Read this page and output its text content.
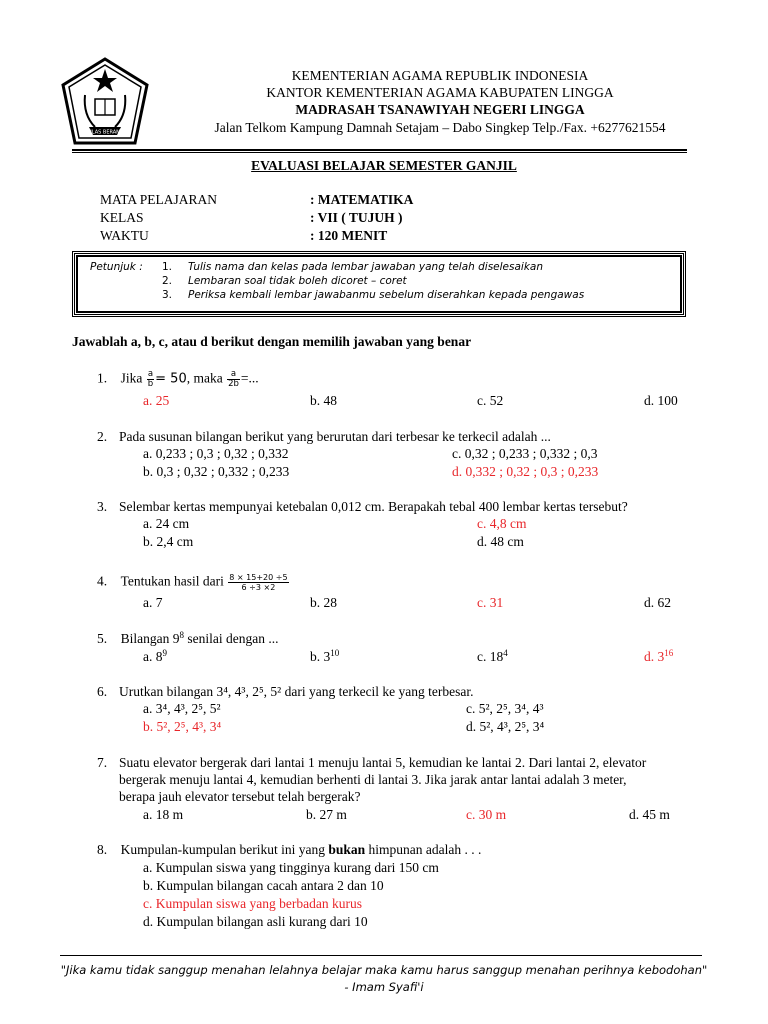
IKHLAS BERAMAL
KEMENTERIAN AGAMA REPUBLIK INDONESIA
KANTOR KEMENTERIAN AGAMA KABUPATEN LINGGA
MADRASAH TSANAWIYAH NEGERI LINGGA
Jalan Telkom Kampung Damnah Setajam – Dabo Singkep Telp./Fax. +6277621554
EVALUASI BELAJAR SEMESTER GANJIL
MATA PELAJARAN	: MATEMATIKA
KELAS	: VII ( TUJUH )
WAKTU	: 120 MENIT
Petunjuk : 1. Tulis nama dan kelas pada lembar jawaban yang telah diselesaikan
2. Lembaran soal tidak boleh dicoret – coret
3. Periksa kembali lembar jawabanmu sebelum diserahkan kepada pengawas
Jawablah a, b, c, atau d berikut dengan memilih jawaban yang benar
1. Jika $\frac{a}{b} = 50$, maka $\frac{a}{2b}$ =...
a. 25	b. 48	c. 52	d. 100
2. Pada susunan bilangan berikut yang berurutan dari terbesar ke terkecil adalah ...
a. 0,233 ; 0,3 ; 0,32 ; 0,332	c. 0,32 ; 0,233 ; 0,332 ; 0,3
b. 0,3 ; 0,32 ; 0,332 ; 0,233	d. 0,332 ; 0,32 ; 0,3 ; 0,233
3. Selembar kertas mempunyai ketebalan 0,012 cm. Berapakah tebal 400 lembar kertas tersebut?
a. 24 cm	c. 4,8 cm
b. 2,4 cm	d. 48 cm
4. Tentukan hasil dari $\frac{8 \times 15+20 \div 5}{6 \div 3 \times 2}$
a. 7	b. 28	c. 31	d. 62
5. Bilangan $9^8$ senilai dengan ...
a. $8^9$	b. $3^{10}$	c. $18^4$	d. $3^{16}$
6. Urutkan bilangan 3⁴, 4³, 2⁵, 5² dari yang terkecil ke yang terbesar.
a. 3⁴, 4³, 2⁵, 5²	c. 5², 2⁵, 3⁴, 4³
b. 5², 2⁵, 4³, 3⁴	d. 5², 4³, 2⁵, 3⁴
7. Suatu elevator bergerak dari lantai 1 menuju lantai 5, kemudian ke lantai 2. Dari lantai 2, elevator
bergerak menuju lantai 4, kemudian berhenti di lantai 3. Jika jarak antar lantai adalah 3 meter,
berapa jauh elevator tersebut telah bergerak?
a. 18 m	b. 27 m	c. 30 m	d. 45 m
8. Kumpulan-kumpulan berikut ini yang bukan himpunan adalah . . .
a. Kumpulan siswa yang tingginya kurang dari 150 cm
b. Kumpulan bilangan cacah antara 2 dan 10
c. Kumpulan siswa yang berbadan kurus
d. Kumpulan bilangan asli kurang dari 10
"Jika kamu tidak sanggup menahan lelahnya belajar maka kamu harus sanggup menahan perihnya kebodohan"
- Imam Syafi'i
